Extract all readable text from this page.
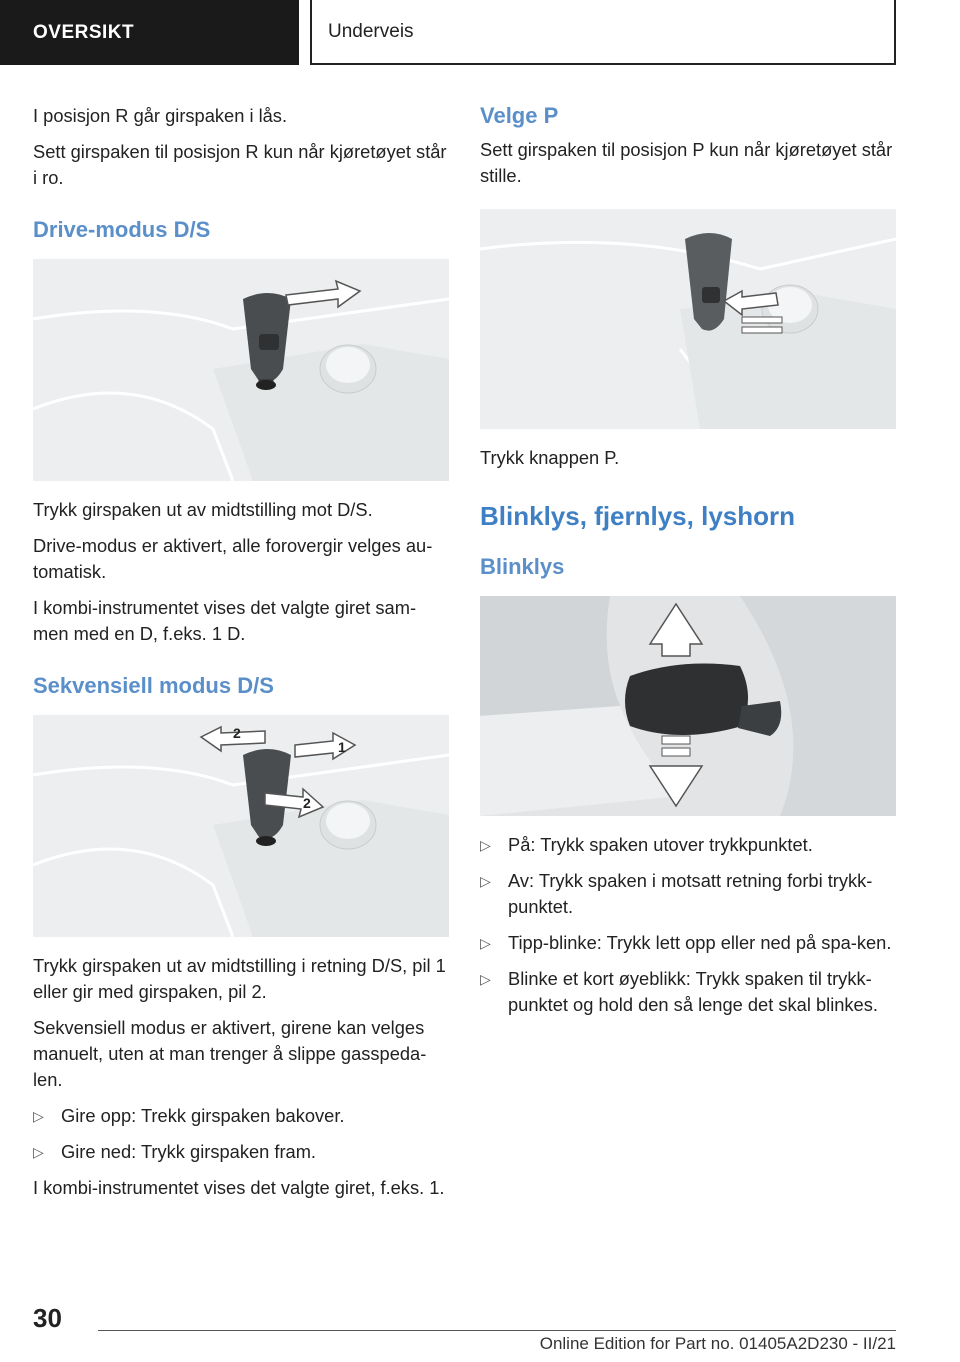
OVERSIKT	Underveis

I posisjon R går girspaken i lås.

Sett girspaken til posisjon R kun når kjøretøyet står i ro.

Drive-modus D/S

Trykk girspaken ut av midtstilling mot D/S.

Drive-modus er aktivert, alle forovergir velges au‐tomatisk.

I kombi-instrumentet vises det valgte giret sam‐men med en D, f.eks. 1 D.

Sekvensiell modus D/S
2
1
2

Trykk girspaken ut av midtstilling i retning D/S, pil 1 eller gir med girspaken, pil 2.

Sekvensiell modus er aktivert, girene kan velges manuelt, uten at man trenger å slippe gasspeda‐len.

▷ Gire opp: Trekk girspaken bakover.
▷ Gire ned: Trykk girspaken fram.

I kombi-instrumentet vises det valgte giret, f.eks. 1.

Velge P

Sett girspaken til posisjon P kun når kjøretøyet står stille.

Trykk knappen P.

Blinklys, fjernlys, lyshorn
Blinklys
▷ På: Trykk spaken utover trykkpunktet.
▷ Av: Trykk spaken i motsatt retning forbi trykk‐punktet.
▷ Tipp-blinke: Trykk lett opp eller ned på spa‐ken.
▷ Blinke et kort øyeblikk: Trykk spaken til trykk‐punktet og hold den så lenge det skal blinkes.
30
Online Edition for Part no. 01405A2D230 - II/21
